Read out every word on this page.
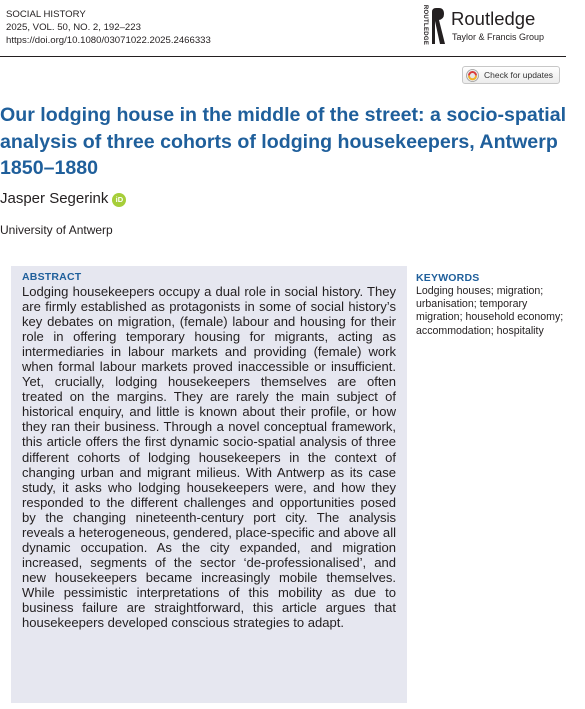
SOCIAL HISTORY
2025, VOL. 50, NO. 2, 192–223
https://doi.org/10.1080/03071022.2025.2466333	ROUTLEDGE Routledge
Taylor & Francis Group
Check for updates
Our lodging house in the middle of the street: a socio-spatial analysis of three cohorts of lodging housekeepers, Antwerp 1850–1880
Jasper Segerink iD
University of Antwerp
ABSTRACT

Lodging housekeepers occupy a dual role in social history. They are firmly established as protagonists in some of social history’s key debates on migration, (female) labour and housing for their role in offering temporary housing for migrants, acting as intermediaries in labour markets and providing (female) work when formal labour markets proved inaccessible or insufficient. Yet, crucially, lodging housekeepers themselves are often treated on the margins. They are rarely the main subject of historical enquiry, and little is known about their profile, or how they ran their business. Through a novel conceptual framework, this article offers the first dynamic socio-spatial analysis of three different cohorts of lodging housekeepers in the context of changing urban and migrant milieus. With Antwerp as its case study, it asks who lodging housekeepers were, and how they responded to the different challenges and opportunities posed by the changing nineteenth-century port city. The analysis reveals a heterogeneous, gendered, place-specific and above all dynamic occupation. As the city expanded, and migration increased, segments of the sector ‘de-professionalised’, and new housekeepers became increasingly mobile themselves. While pessimistic interpretations of this mobility as due to business failure are straightforward, this article argues that housekeepers developed conscious strategies to adapt.

KEYWORDS
Lodging houses; migration; urbanisation; temporary migration; household economy; accommodation; hospitality
